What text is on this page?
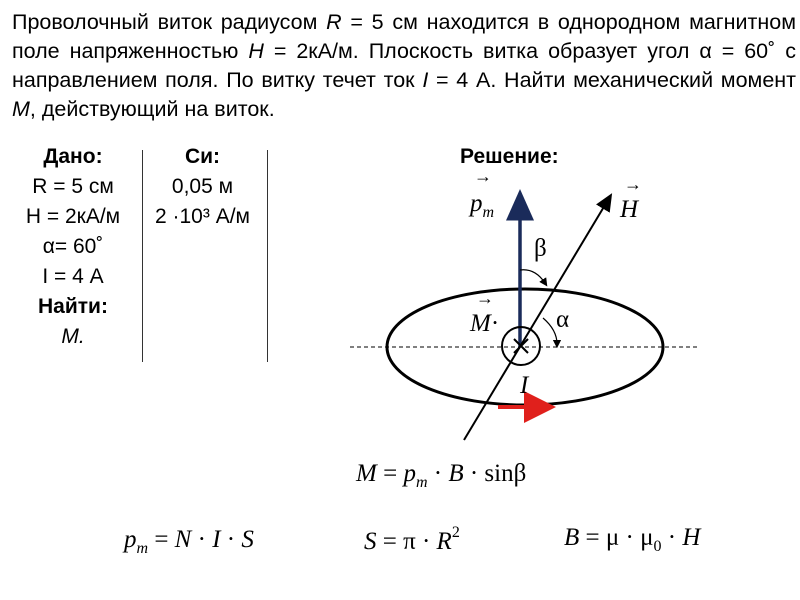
Проволочный виток радиусом R = 5 см находится в однородном магнитном поле напряженностью H = 2кА/м. Плоскость витка образует угол α = 60˚ с направлением поля. По витку течет ток I = 4 А. Найти механический момент M, действующий на виток.
Дано:
R = 5 см
H = 2кА/м
α= 60˚
I = 4 А
Найти:
M.
Си:
0,05 м
2 ·10³ А/м
Решение:
→
$p_m$
→
H
β
α
→
M·
I
$M = p_m \cdot B \cdot \sin\beta$
$p_m = N \cdot I \cdot S$	$S = \pi \cdot R^2$	$B = \mu \cdot \mu_0 \cdot H$
